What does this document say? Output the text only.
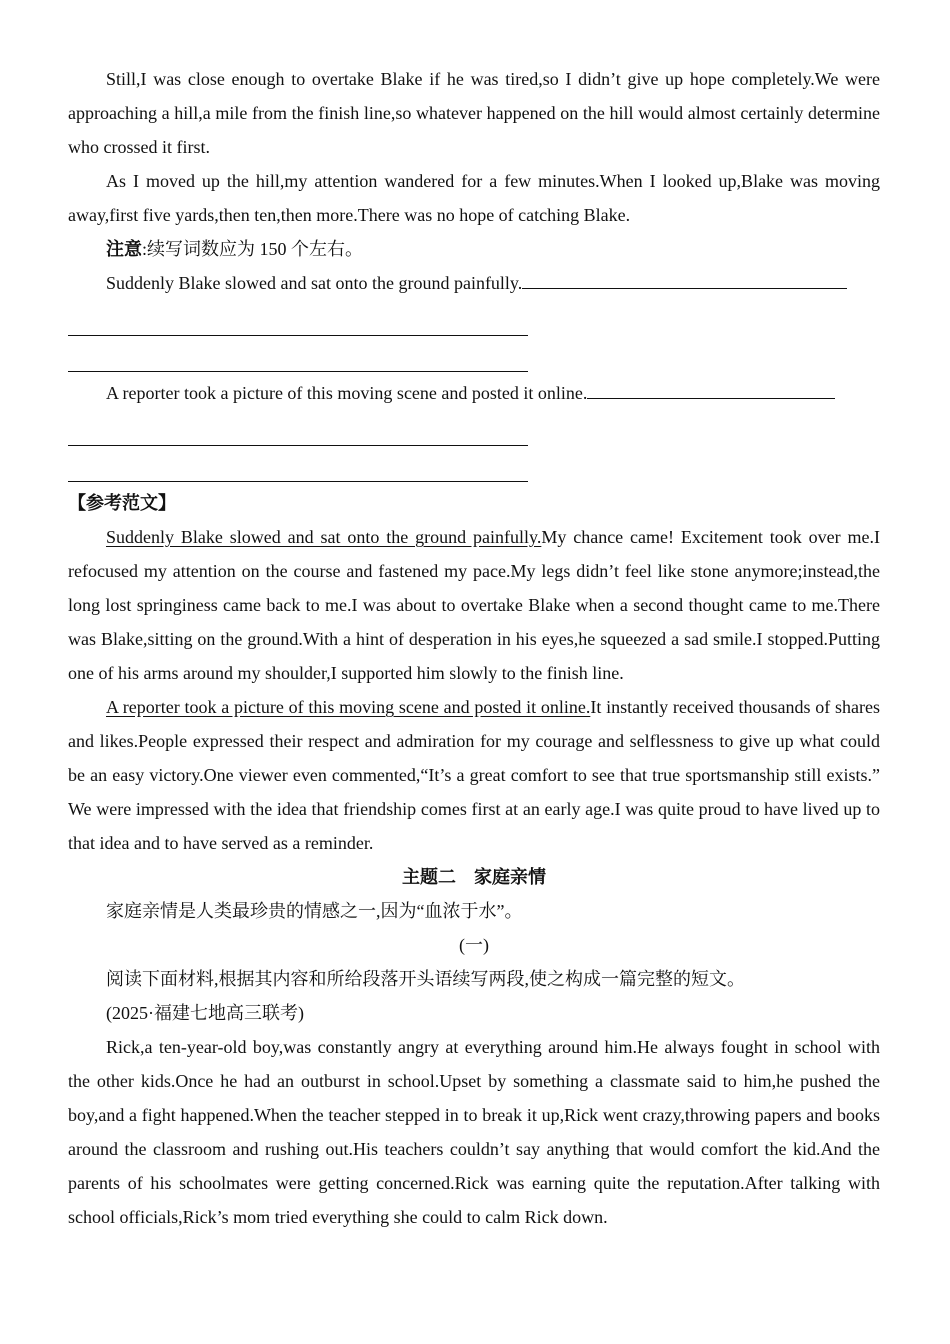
Still,I was close enough to overtake Blake if he was tired,so I didn’t give up hope completely.We were approaching a hill,a mile from the finish line,so whatever happened on the hill would almost certainly determine who crossed it first.

As I moved up the hill,my attention wandered for a few minutes.When I looked up,Blake was moving away,first five yards,then ten,then more.There was no hope of catching Blake.

注意:续写词数应为 150 个左右。

Suddenly Blake slowed and sat onto the ground painfully.

A reporter took a picture of this moving scene and posted it online.

【参考范文】

Suddenly Blake slowed and sat onto the ground painfully.My chance came! Excitement took over me.I refocused my attention on the course and fastened my pace.My legs didn’t feel like stone anymore;instead,the long lost springiness came back to me.I was about to overtake Blake when a second thought came to me.There was Blake,sitting on the ground.With a hint of desperation in his eyes,he squeezed a sad smile.I stopped.Putting one of his arms around my shoulder,I supported him slowly to the finish line.

A reporter took a picture of this moving scene and posted it online.It instantly received thousands of shares and likes.People expressed their respect and admiration for my courage and selflessness to give up what could be an easy victory.One viewer even commented,“It’s a great comfort to see that true sportsmanship still exists.” We were impressed with the idea that friendship comes first at an early age.I was quite proud to have lived up to that idea and to have served as a reminder.

主题二　家庭亲情

家庭亲情是人类最珍贵的情感之一,因为“血浓于水”。

(一)

阅读下面材料,根据其内容和所给段落开头语续写两段,使之构成一篇完整的短文。

(2025·福建七地高三联考)

Rick,a ten-year-old boy,was constantly angry at everything around him.He always fought in school with the other kids.Once he had an outburst in school.Upset by something a classmate said to him,he pushed the boy,and a fight happened.When the teacher stepped in to break it up,Rick went crazy,throwing papers and books around the classroom and rushing out.His teachers couldn’t say anything that would comfort the kid.And the parents of his schoolmates were getting concerned.Rick was earning quite the reputation.After talking with school officials,Rick’s mom tried everything she could to calm Rick down.
